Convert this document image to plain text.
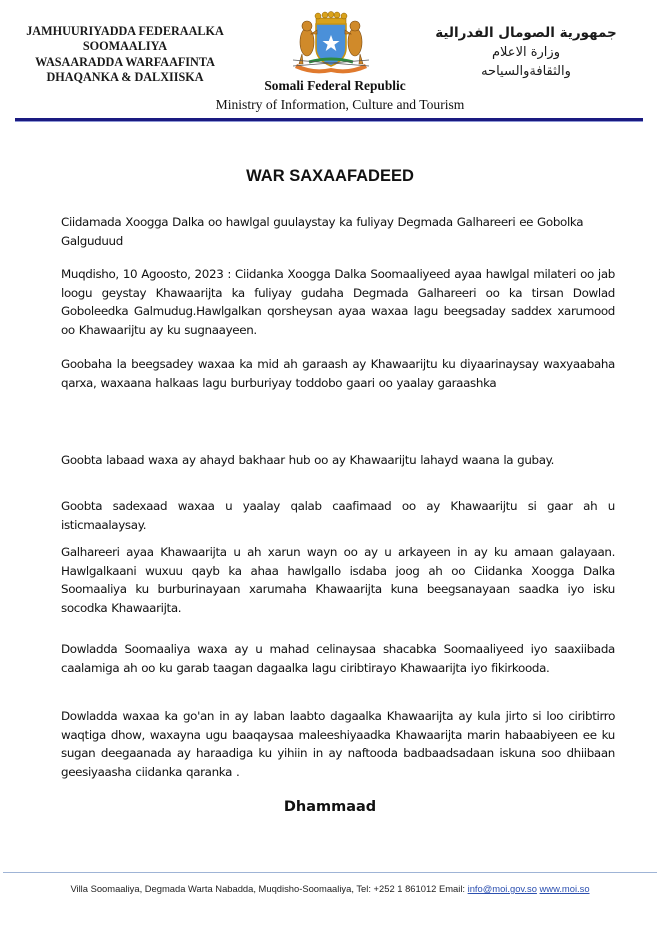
JAMHUURIYADDA FEDERAALKA
SOOMAALIYA
WASAARADDA WARFAAFINTA
DHAQANKA & DALXIISKA
جمهورية الصومال الفدرالية
وزارة الاعلام
والثقافةوالسياحه
Somali Federal Republic
Ministry of Information, Culture and Tourism
WAR SAXAAFADEED

Ciidamada Xoogga Dalka oo hawlgal guulaystay ka fuliyay Degmada Galhareeri ee Gobolka Galguduud

Muqdisho, 10 Agoosto, 2023 : Ciidanka Xoogga Dalka Soomaaliyeed ayaa hawlgal milateri oo jab loogu geystay Khawaarijta ka fuliyay gudaha Degmada Galhareeri oo ka tirsan Dowlad Goboleedka Galmudug.Hawlgalkan qorsheysan ayaa waxaa lagu beegsaday saddex xarumood oo Khawaarijtu ay ku sugnaayeen.

Goobaha la beegsadey waxaa ka mid ah garaash ay Khawaarijtu ku diyaarinaysay waxyaabaha qarxa, waxaana halkaas lagu burburiyay toddobo gaari oo yaalay garaashka

Goobta labaad waxa ay ahayd bakhaar hub oo ay Khawaarijtu lahayd waana la gubay.

Goobta sadexaad waxaa u yaalay qalab caafimaad oo ay Khawaarijtu si gaar ah u isticmaalaysay.

Galhareeri ayaa Khawaarijta u ah xarun wayn oo ay u arkayeen in ay ku amaan galayaan. Hawlgalkaani wuxuu qayb ka ahaa hawlgallo isdaba joog ah oo Ciidanka Xoogga Dalka Soomaaliya ku burburinayaan xarumaha Khawaarijta kuna beegsanayaan saadka iyo isku socodka Khawaarijta.

Dowladda Soomaaliya waxa ay u mahad celinaysaa shacabka Soomaaliyeed iyo saaxiibada caalamiga ah oo ku garab taagan dagaalka lagu ciribtirayo Khawaarijta iyo fikirkooda.

Dowladda waxaa ka go'an in ay laban laabto dagaalka Khawaarijta ay kula jirto si loo ciribtirro waqtiga dhow, waxayna ugu baaqaysaa maleeshiyaadka Khawaarijta marin habaabiyeen ee ku sugan deegaanada ay haraadiga ku yihiin in ay naftooda badbaadsadaan iskuna soo dhiibaan geesiyaasha ciidanka qaranka .

Dhammaad
Villa Soomaaliya, Degmada Warta Nabadda, Muqdisho-Soomaaliya, Tel: +252 1 861012 Email: info@moi.gov.so www.moi.so
